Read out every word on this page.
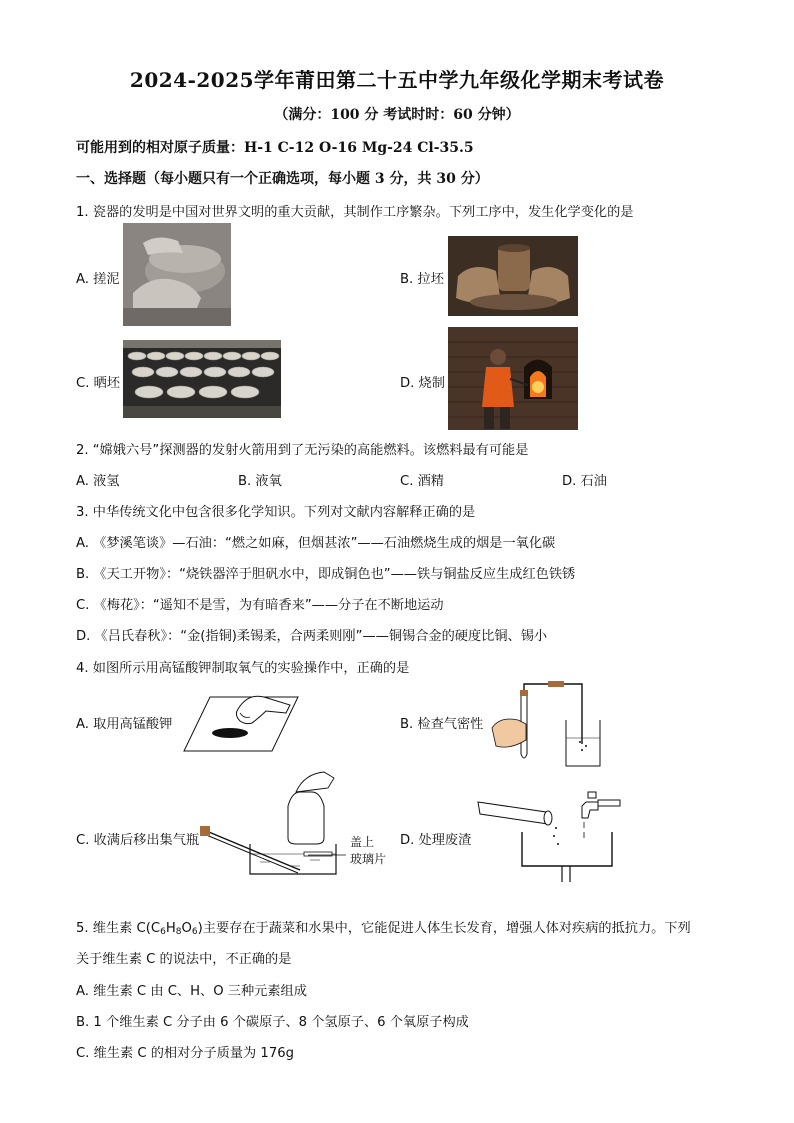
2024-2025学年莆田第二十五中学九年级化学期末考试卷
（满分：100 分 考试时时：60 分钟）
可能用到的相对原子质量：H-1 C-12 O-16 Mg-24 Cl-35.5
一、选择题（每小题只有一个正确选项，每小题 3 分，共 30 分）
1. 瓷器的发明是中国对世界文明的重大贡献，其制作工序繁杂。下列工序中，发生化学变化的是
A. 搓泥	B. 拉坯
C. 晒坯	D. 烧制
2. “嫦娥六号”探测器的发射火箭用到了无污染的高能燃料。该燃料最有可能是
A. 液氢	B. 液氧	C. 酒精	D. 石油
3. 中华传统文化中包含很多化学知识。下列对文献内容解释正确的是
A. 《梦溪笔谈》—石油：“燃之如麻，但烟甚浓”——石油燃烧生成的烟是一氧化碳
B. 《天工开物》：“烧铁器淬于胆矾水中，即成铜色也”——铁与铜盐反应生成红色铁锈
C. 《梅花》：“遥知不是雪，为有暗香来”——分子在不断地运动
D. 《吕氏春秋》：“金(指铜)柔锡柔，合两柔则刚”——铜锡合金的硬度比铜、锡小
4. 如图所示用高锰酸钾制取氧气的实验操作中，正确的是
A. 取用高锰酸钾	B. 检查气密性
C. 收满后移出集气瓶	D. 处理废渣
盖上
玻璃片
5. 维生素 $C(C_6H_8O_6)$主要存在于蔬菜和水果中，它能促进人体生长发育，增强人体对疾病的抵抗力。下列
关于维生素 C 的说法中，不正确的是
A. 维生素 C 由 C、H、O 三种元素组成
B. 1 个维生素 C 分子由 6 个碳原子、8 个氢原子、6 个氧原子构成
C. 维生素 C 的相对分子质量为 176g
